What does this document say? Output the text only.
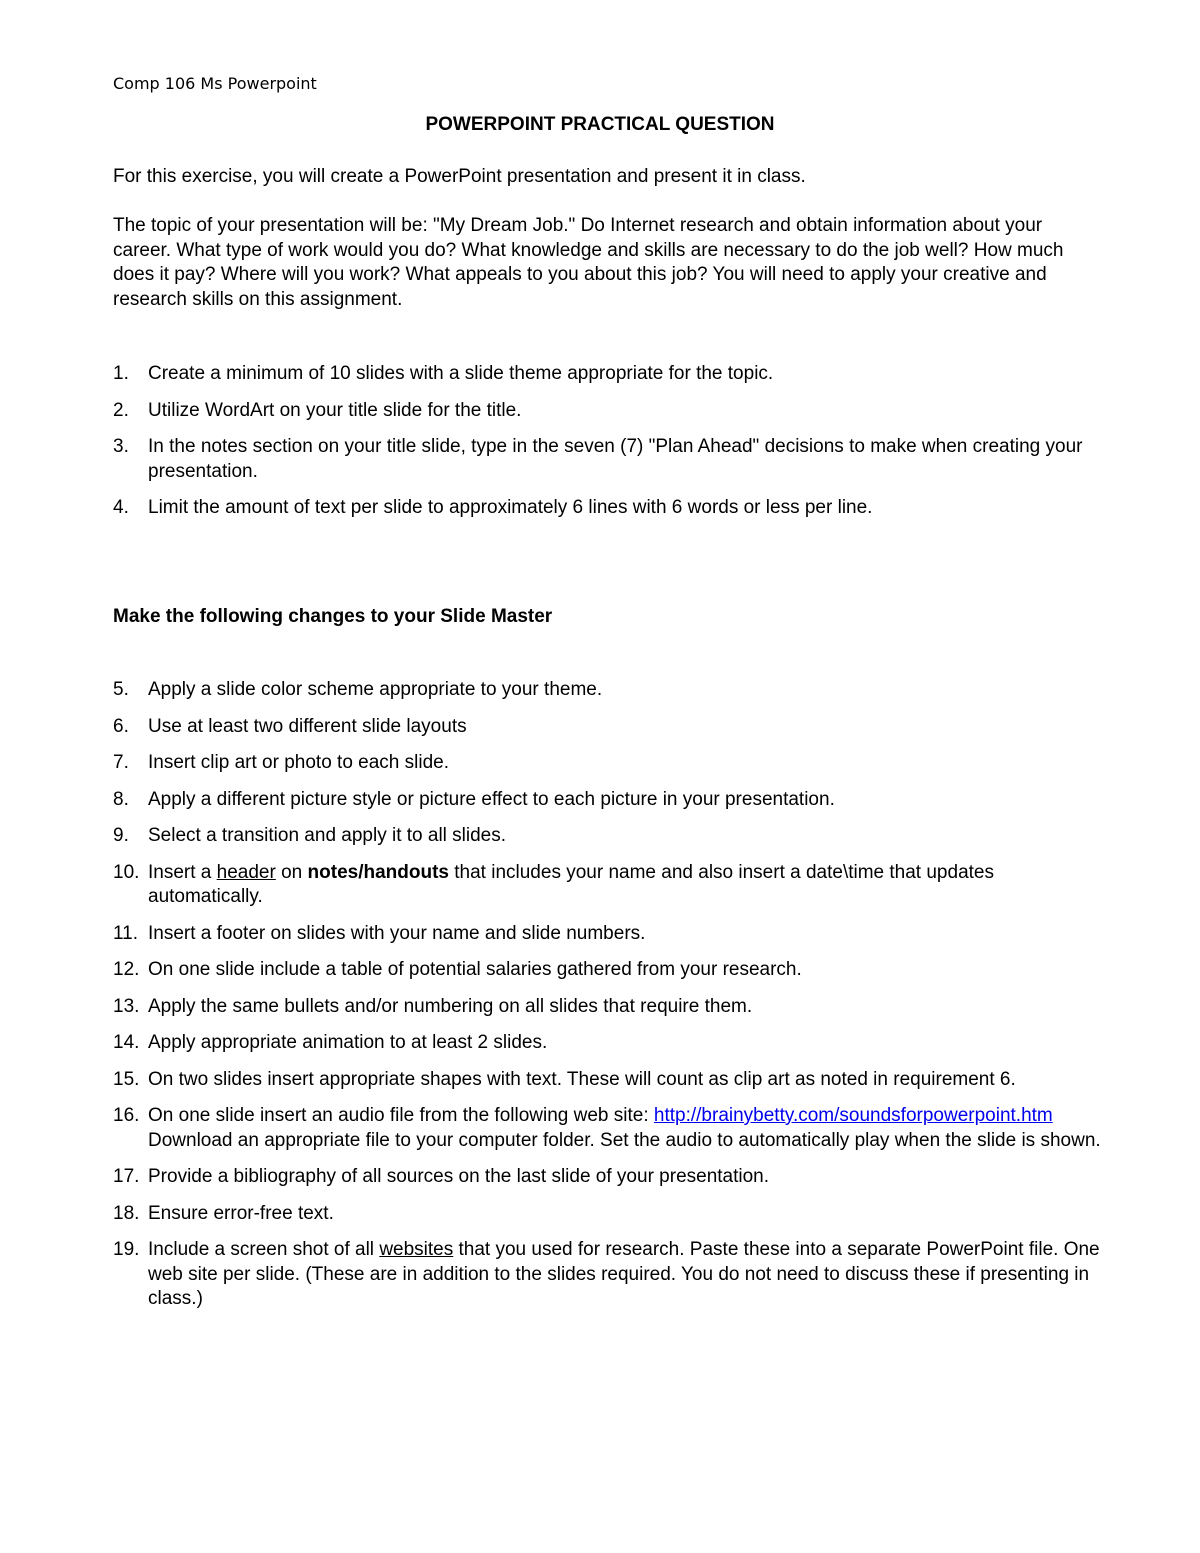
Comp 106 Ms Powerpoint
POWERPOINT PRACTICAL QUESTION
For this exercise, you will create a PowerPoint presentation and present it in class.
The topic of your presentation will be: "My Dream Job." Do Internet research and obtain information about your career. What type of work would you do? What knowledge and skills are necessary to do the job well? How much does it pay? Where will you work? What appeals to you about this job? You will need to apply your creative and research skills on this assignment.
1. Create a minimum of 10 slides with a slide theme appropriate for the topic.
2. Utilize WordArt on your title slide for the title.
3. In the notes section on your title slide, type in the seven (7) "Plan Ahead" decisions to make when creating your presentation.
4. Limit the amount of text per slide to approximately 6 lines with 6 words or less per line.
Make the following changes to your Slide Master
5. Apply a slide color scheme appropriate to your theme.
6. Use at least two different slide layouts
7. Insert clip art or photo to each slide.
8. Apply a different picture style or picture effect to each picture in your presentation.
9. Select a transition and apply it to all slides.
10. Insert a header on notes/handouts that includes your name and also insert a date\time that updates automatically.
11. Insert a footer on slides with your name and slide numbers.
12. On one slide include a table of potential salaries gathered from your research.
13. Apply the same bullets and/or numbering on all slides that require them.
14. Apply appropriate animation to at least 2 slides.
15. On two slides insert appropriate shapes with text. These will count as clip art as noted in requirement 6.
16. On one slide insert an audio file from the following web site: http://brainybetty.com/soundsforpowerpoint.htm Download an appropriate file to your computer folder. Set the audio to automatically play when the slide is shown.
17. Provide a bibliography of all sources on the last slide of your presentation.
18. Ensure error-free text.
19. Include a screen shot of all websites that you used for research. Paste these into a separate PowerPoint file. One web site per slide. (These are in addition to the slides required. You do not need to discuss these if presenting in class.)
